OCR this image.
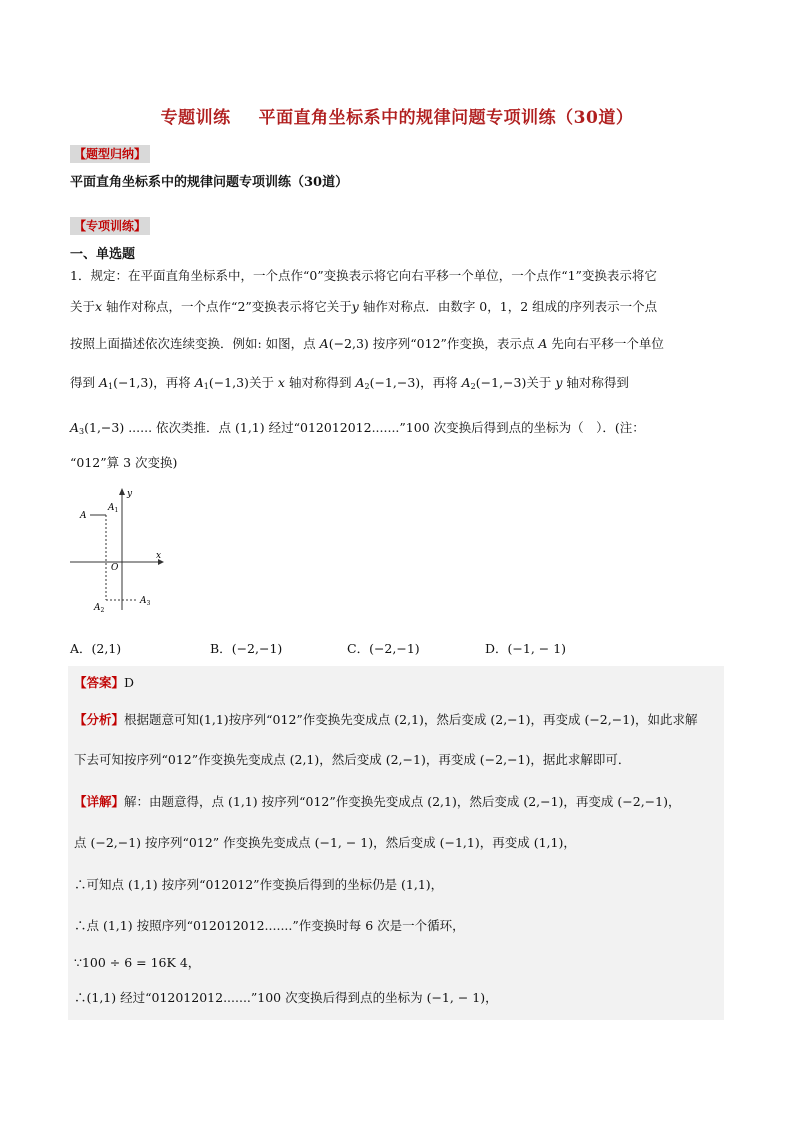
专题训练 平面直角坐标系中的规律问题专项训练（30道）
【题型归纳】
平面直角坐标系中的规律问题专项训练（30道）
【专项训练】
一、单选题
1．规定：在平面直角坐标系中，一个点作“0”变换表示将它向右平移一个单位，一个点作“1”变换表示将它
关于x 轴作对称点，一个点作“2”变换表示将它关于y 轴作对称点．由数字 0，1，2 组成的序列表示一个点
按照上面描述依次连续变换．例如: 如图，点 A(−2,3) 按序列“012”作变换，表示点 A 先向右平移一个单位
得到 $A_1(-1,3)$，再将 $A_1(-1,3)$关于 x 轴对称得到 $A_2(-1,-3)$，再将 $A_2(-1,-3)$关于 y 轴对称得到
$A_3(1,-3)$ ...... 依次类推．点 (1,1) 经过“012012012.......”100 次变换后得到点的坐标为（　）．(注：
“012”算 3 次变换)
x
y
O
A
$A_1$
$A_2$
$A_3$
A．(2,1)	B．(−2,−1)	C．(−2,−1)	D．(−1, − 1)
【答案】D
【分析】根据题意可知(1,1)按序列“012”作变换先变成点 (2,1)，然后变成 (2,−1)，再变成 (−2,−1)，如此求解
下去可知按序列“012”作变换先变成点 (2,1)，然后变成 (2,−1)，再变成 (−2,−1)，据此求解即可．
【详解】解：由题意得，点 (1,1) 按序列“012”作变换先变成点 (2,1)，然后变成 (2,−1)，再变成 (−2,−1)，
点 (−2,−1) 按序列“012” 作变换先变成点 (−1, − 1)，然后变成 (−1,1)，再变成 (1,1)，
∴可知点 (1,1) 按序列“012012”作变换后得到的坐标仍是 (1,1)，
∴点 (1,1) 按照序列“012012012.......”作变换时每 6 次是一个循环，
∵100 ÷ 6 = 16K 4，
∴(1,1) 经过“012012012.......”100 次变换后得到点的坐标为 (−1, − 1)，
